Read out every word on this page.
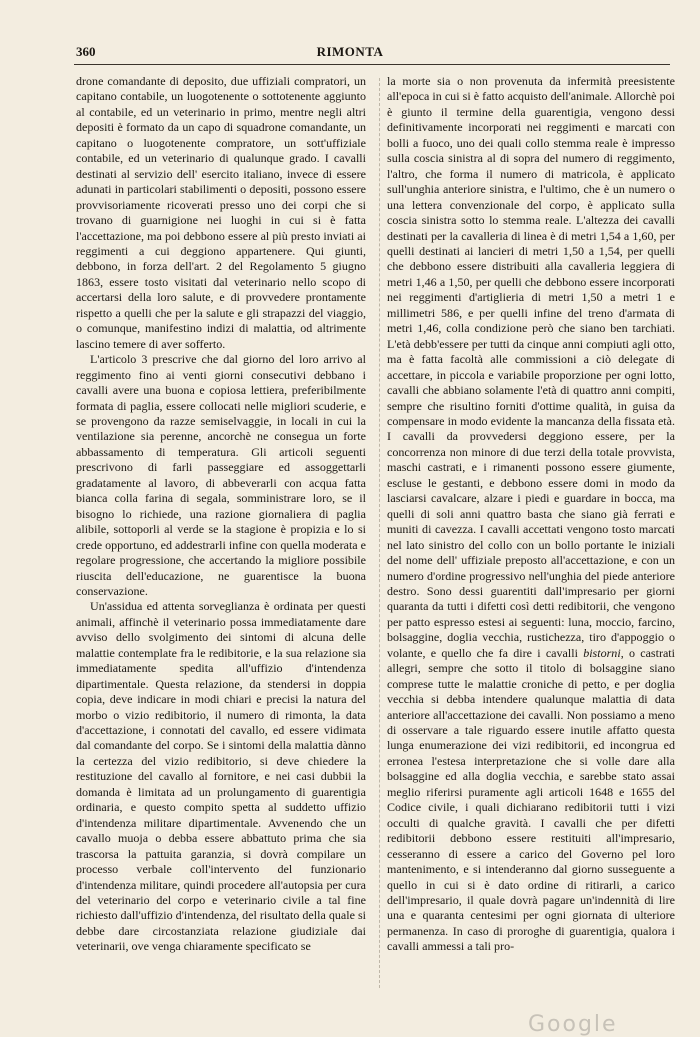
360	RIMONTA

drone comandante di deposito, due uffiziali compratori, un capitano contabile, un luogotenente o sottotenente aggiunto al contabile, ed un veterinario in primo, mentre negli altri depositi è formato da un capo di squadrone comandante, un capitano o luogotenente compratore, un sott'uffiziale contabile, ed un veterinario di qualunque grado. I cavalli destinati al servizio dell' esercito italiano, invece di essere adunati in particolari stabilimenti o depositi, possono essere provvisoriamente ricoverati presso uno dei corpi che si trovano di guarnigione nei luoghi in cui si è fatta l'accettazione, ma poi debbono essere al più presto inviati ai reggimenti a cui deggiono appartenere. Qui giunti, debbono, in forza dell'art. 2 del Regolamento 5 giugno 1863, essere tosto visitati dal veterinario nello scopo di accertarsi della loro salute, e di provvedere prontamente rispetto a quelli che per la salute e gli strapazzi del viaggio, o comunque, manifestino indizi di malattia, od altrimente lascino temere di aver sofferto.

L'articolo 3 prescrive che dal giorno del loro arrivo al reggimento fino ai venti giorni consecutivi debbano i cavalli avere una buona e copiosa lettiera, preferibilmente formata di paglia, essere collocati nelle migliori scuderie, e se provengono da razze semiselvaggie, in locali in cui la ventilazione sia perenne, ancorchè ne consegua un forte abbassamento di temperatura. Gli articoli seguenti prescrivono di farli passeggiare ed assoggettarli gradatamente al lavoro, di abbeverarli con acqua fatta bianca colla farina di segala, somministrare loro, se il bisogno lo richiede, una razione giornaliera di paglia alibile, sottoporli al verde se la stagione è propizia e lo si crede opportuno, ed addestrarli infine con quella moderata e regolare progressione, che accertando la migliore possibile riuscita dell'educazione, ne guarentisce la buona conservazione.

Un'assidua ed attenta sorveglianza è ordinata per questi animali, affinchè il veterinario possa immediatamente dare avviso dello svolgimento dei sintomi di alcuna delle malattie contemplate fra le redibitorie, e la sua relazione sia immediatamente spedita all'uffizio d'intendenza dipartimentale. Questa relazione, da stendersi in doppia copia, deve indicare in modi chiari e precisi la natura del morbo o vizio redibitorio, il numero di rimonta, la data d'accettazione, i connotati del cavallo, ed essere vidimata dal comandante del corpo. Se i sintomi della malattia dànno la certezza del vizio redibitorio, si deve chiedere la restituzione del cavallo al fornitore, e nei casi dubbii la domanda è limitata ad un prolungamento di guarentigia ordinaria, e questo compito spetta al suddetto uffizio d'intendenza militare dipartimentale. Avvenendo che un cavallo muoja o debba essere abbattuto prima che sia trascorsa la pattuita garanzia, si dovrà compilare un processo verbale coll'intervento del funzionario d'intendenza militare, quindi procedere all'autopsia per cura del veterinario del corpo e veterinario civile a tal fine richiesto dall'uffizio d'intendenza, del risultato della quale si debbe dare circostanziata relazione giudiziale dai veterinarii, ove venga chiaramente specificato se

la morte sia o non provenuta da infermità preesistente all'epoca in cui si è fatto acquisto dell'animale. Allorchè poi è giunto il termine della guarentigia, vengono dessi definitivamente incorporati nei reggimenti e marcati con bolli a fuoco, uno dei quali collo stemma reale è impresso sulla coscia sinistra al di sopra del numero di reggimento, l'altro, che forma il numero di matricola, è applicato sull'unghia anteriore sinistra, e l'ultimo, che è un numero o una lettera convenzionale del corpo, è applicato sulla coscia sinistra sotto lo stemma reale. L'altezza dei cavalli destinati per la cavalleria di linea è di metri 1,54 a 1,60, per quelli destinati ai lancieri di metri 1,50 a 1,54, per quelli che debbono essere distribuiti alla cavalleria leggiera di metri 1,46 a 1,50, per quelli che debbono essere incorporati nei reggimenti d'artiglieria di metri 1,50 a metri 1 e millimetri 586, e per quelli infine del treno d'armata di metri 1,46, colla condizione però che siano ben tarchiati. L'età debb'essere per tutti da cinque anni compiuti agli otto, ma è fatta facoltà alle commissioni a ciò delegate di accettare, in piccola e variabile proporzione per ogni lotto, cavalli che abbiano solamente l'età di quattro anni compiti, sempre che risultino forniti d'ottime qualità, in guisa da compensare in modo evidente la mancanza della fissata età. I cavalli da provvedersi deggiono essere, per la concorrenza non minore di due terzi della totale provvista, maschi castrati, e i rimanenti possono essere giumente, escluse le gestanti, e debbono essere domi in modo da lasciarsi cavalcare, alzare i piedi e guardare in bocca, ma quelli di soli anni quattro basta che siano già ferrati e muniti di cavezza. I cavalli accettati vengono tosto marcati nel lato sinistro del collo con un bollo portante le iniziali del nome dell' uffiziale preposto all'accettazione, e con un numero d'ordine progressivo nell'unghia del piede anteriore destro. Sono dessi guarentiti dall'impresario per giorni quaranta da tutti i difetti così detti redibitorii, che vengono per patto espresso estesi ai seguenti: luna, moccio, farcino, bolsaggine, doglia vecchia, rustichezza, tiro d'appoggio o volante, e quello che fa dire i cavalli bistorni, o castrati allegri, sempre che sotto il titolo di bolsaggine siano comprese tutte le malattie croniche di petto, e per doglia vecchia si debba intendere qualunque malattia di data anteriore all'accettazione dei cavalli. Non possiamo a meno di osservare a tale riguardo essere inutile affatto questa lunga enumerazione dei vizi redibitorii, ed incongrua ed erronea l'estesa interpretazione che si volle dare alla bolsaggine ed alla doglia vecchia, e sarebbe stato assai meglio riferirsi puramente agli articoli 1648 e 1655 del Codice civile, i quali dichiarano redibitorii tutti i vizi occulti di qualche gravità. I cavalli che per difetti redibitorii debbono essere restituiti all'impresario, cesseranno di essere a carico del Governo pel loro mantenimento, e si intenderanno dal giorno susseguente a quello in cui si è dato ordine di ritirarli, a carico dell'impresario, il quale dovrà pagare un'indennità di lire una e quaranta centesimi per ogni giornata di ulteriore permanenza. In caso di proroghe di guarentigia, qualora i cavalli ammessi a tali pro-

Google
